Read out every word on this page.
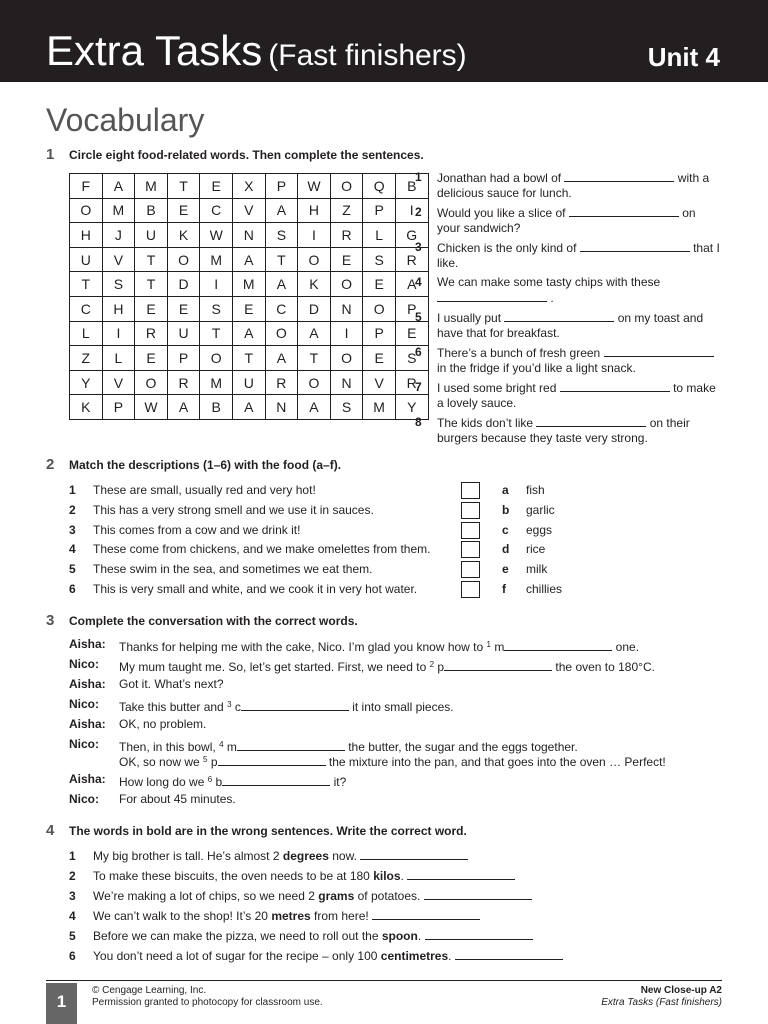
Extra Tasks (Fast finishers)	Unit 4
Vocabulary
1 Circle eight food-related words. Then complete the sentences.
F	A	M	T	E	X	P	W	O	Q	B
O	M	B	E	C	V	A	H	Z	P	I
H	J	U	K	W	N	S	I	R	L	G
U	V	T	O	M	A	T	O	E	S	R
T	S	T	D	I	M	A	K	O	E	A
C	H	E	E	S	E	C	D	N	O	P
L	I	R	U	T	A	O	A	I	P	E
Z	L	E	P	O	T	A	T	O	E	S
Y	V	O	R	M	U	R	O	N	V	R
K	P	W	A	B	A	N	A	S	M	Y
1 Jonathan had a bowl of	with a delicious sauce for lunch.
2 Would you like a slice of	on your sandwich?
3 Chicken is the only kind of	that I like.
4 We can make some tasty chips with these  .
5 I usually put	on my toast and have that for breakfast.
6 There’s a bunch of fresh green  in the fridge if you’d like a light snack.
7 I used some bright red	to make a lovely sauce.
8 The kids don’t like	on their burgers because they taste very strong.
2 Match the descriptions (1–6) with the food (a–f).
1 These are small, usually red and very hot!
2 This has a very strong smell and we use it in sauces.
3 This comes from a cow and we drink it!
4 These come from chickens, and we make omelettes from them.
5 These swim in the sea, and sometimes we eat them.
6 This is very small and white, and we cook it in very hot water.
a fish
b garlic
c eggs
d rice
e milk
f chillies
3 Complete the conversation with the correct words.
Aisha: Thanks for helping me with the cake, Nico. I’m glad you know how to $^1$ m	one.
Nico: My mum taught me. So, let’s get started. First, we need to $^2$ p	the oven to 180°C.
Aisha: Got it. What’s next?
Nico: Take this butter and $^3$ c	it into small pieces.
Aisha: OK, no problem.
Nico: Then, in this bowl, $^4$ m	the butter, the sugar and the eggs together.
OK, so now we $^5$ p	the mixture into the pan, and that goes into the oven … Perfect!
Aisha: How long do we $^6$ b	it?
Nico: For about 45 minutes.
4 The words in bold are in the wrong sentences. Write the correct word.
1 My big brother is tall. He’s almost 2 degrees now.
2 To make these biscuits, the oven needs to be at 180 kilos.
3 We’re making a lot of chips, so we need 2 grams of potatoes.
4 We can’t walk to the shop! It’s 20 metres from here!
5 Before we can make the pizza, we need to roll out the spoon.
6 You don’t need a lot of sugar for the recipe – only 100 centimetres.
1
© Cengage Learning, Inc.
Permission granted to photocopy for classroom use.
New Close-up A2
Extra Tasks (Fast finishers)
